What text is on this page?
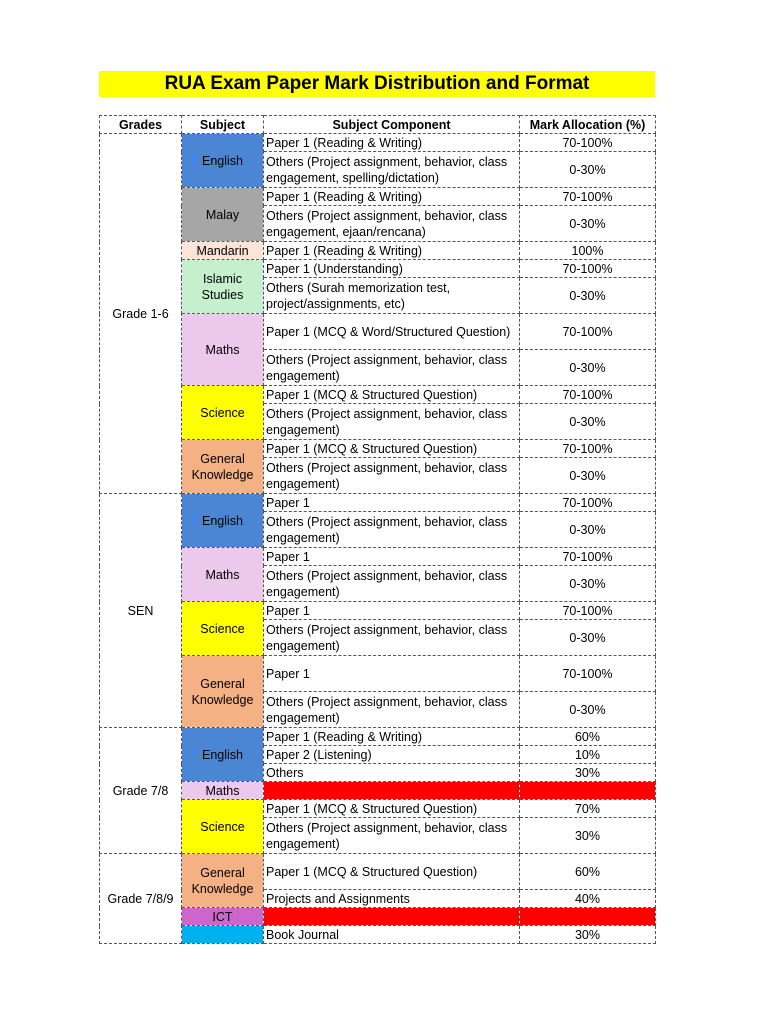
RUA Exam Paper Mark Distribution and Format
Grades	Subject	Subject Component	Mark Allocation (%)
Grade 1-6	English	Paper 1 (Reading & Writing)	70-100%
		Others (Project assignment, behavior, class engagement, spelling/dictation)	0-30%
	Malay	Paper 1 (Reading & Writing)	70-100%
		Others (Project assignment, behavior, class engagement, ejaan/rencana)	0-30%
	Mandarin	Paper 1 (Reading & Writing)	100%
	Islamic Studies	Paper 1 (Understanding)	70-100%
		Others (Surah memorization test, project/assignments, etc)	0-30%
	Maths	Paper 1 (MCQ & Word/Structured Question)	70-100%
		Others (Project assignment, behavior, class engagement)	0-30%
	Science	Paper 1 (MCQ & Structured Question)	70-100%
		Others (Project assignment, behavior, class engagement)	0-30%
	General Knowledge	Paper 1 (MCQ & Structured Question)	70-100%
		Others (Project assignment, behavior, class engagement)	0-30%
SEN	English	Paper 1	70-100%
		Others (Project assignment, behavior, class engagement)	0-30%
	Maths	Paper 1	70-100%
		Others (Project assignment, behavior, class engagement)	0-30%
	Science	Paper 1	70-100%
		Others (Project assignment, behavior, class engagement)	0-30%
	General Knowledge	Paper 1	70-100%
		Others (Project assignment, behavior, class engagement)	0-30%
Grade 7/8	English	Paper 1 (Reading & Writing)	60%
		Paper 2 (Listening)	10%
		Others	30%
	Maths		
	Science	Paper 1 (MCQ & Structured Question)	70%
		Others (Project assignment, behavior, class engagement)	30%
Grade 7/8/9	General Knowledge	Paper 1 (MCQ & Structured Question)	60%
		Projects and Assignments	40%
	ICT		
		Book Journal	30%
